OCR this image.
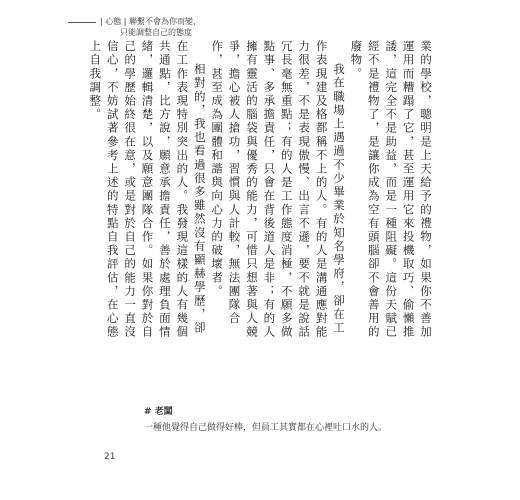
| 心態 | 聯繫不會為你而變，
只能調整自己的態度

業的學校，聰明是上天給予的禮物，如果你不善加運用而糟蹋了它，甚至運用它來投機取巧、偷懶推諉，這完全不是助益，而是一種阻礙。這份天賦已經不是禮物了，是讓你成為空有頭腦卻不會善用的廢物。

我在職場上遇過不少畢業於知名學府，卻在工作表現建及格都稱不上的人。有的人是溝通應對能力很差，不是表現傲慢、出言不遜，要不就是說話冗長毫無重點；有的人是工作態度消極，不願多做點事、多承擔責任，只會在背後道人是非；有的人擁有靈活的腦袋與優秀的能力，可惜只想著與人競爭，擔心被人搶功，習慣與人計較，無法團隊合作，甚至成為團體和諧與向心力的破壞者。

相對的，我也看過很多雖然沒有顯赫學歷，卻在工作表現特別突出的人。我發現這樣的人有幾個共通點，比方說，願意承擔責任，善於處理負面情緒，邏輯清楚，以及願意團隊合作。如果你對於自己的學歷始終很在意，或是對於自己的能力一直沒信心，不妨試著參考上述的特點自我評估，在心態上自我調整。

# 老闆
一種他覺得自己做得好棒，但員工其實都在心裡吐口水的人。
21
